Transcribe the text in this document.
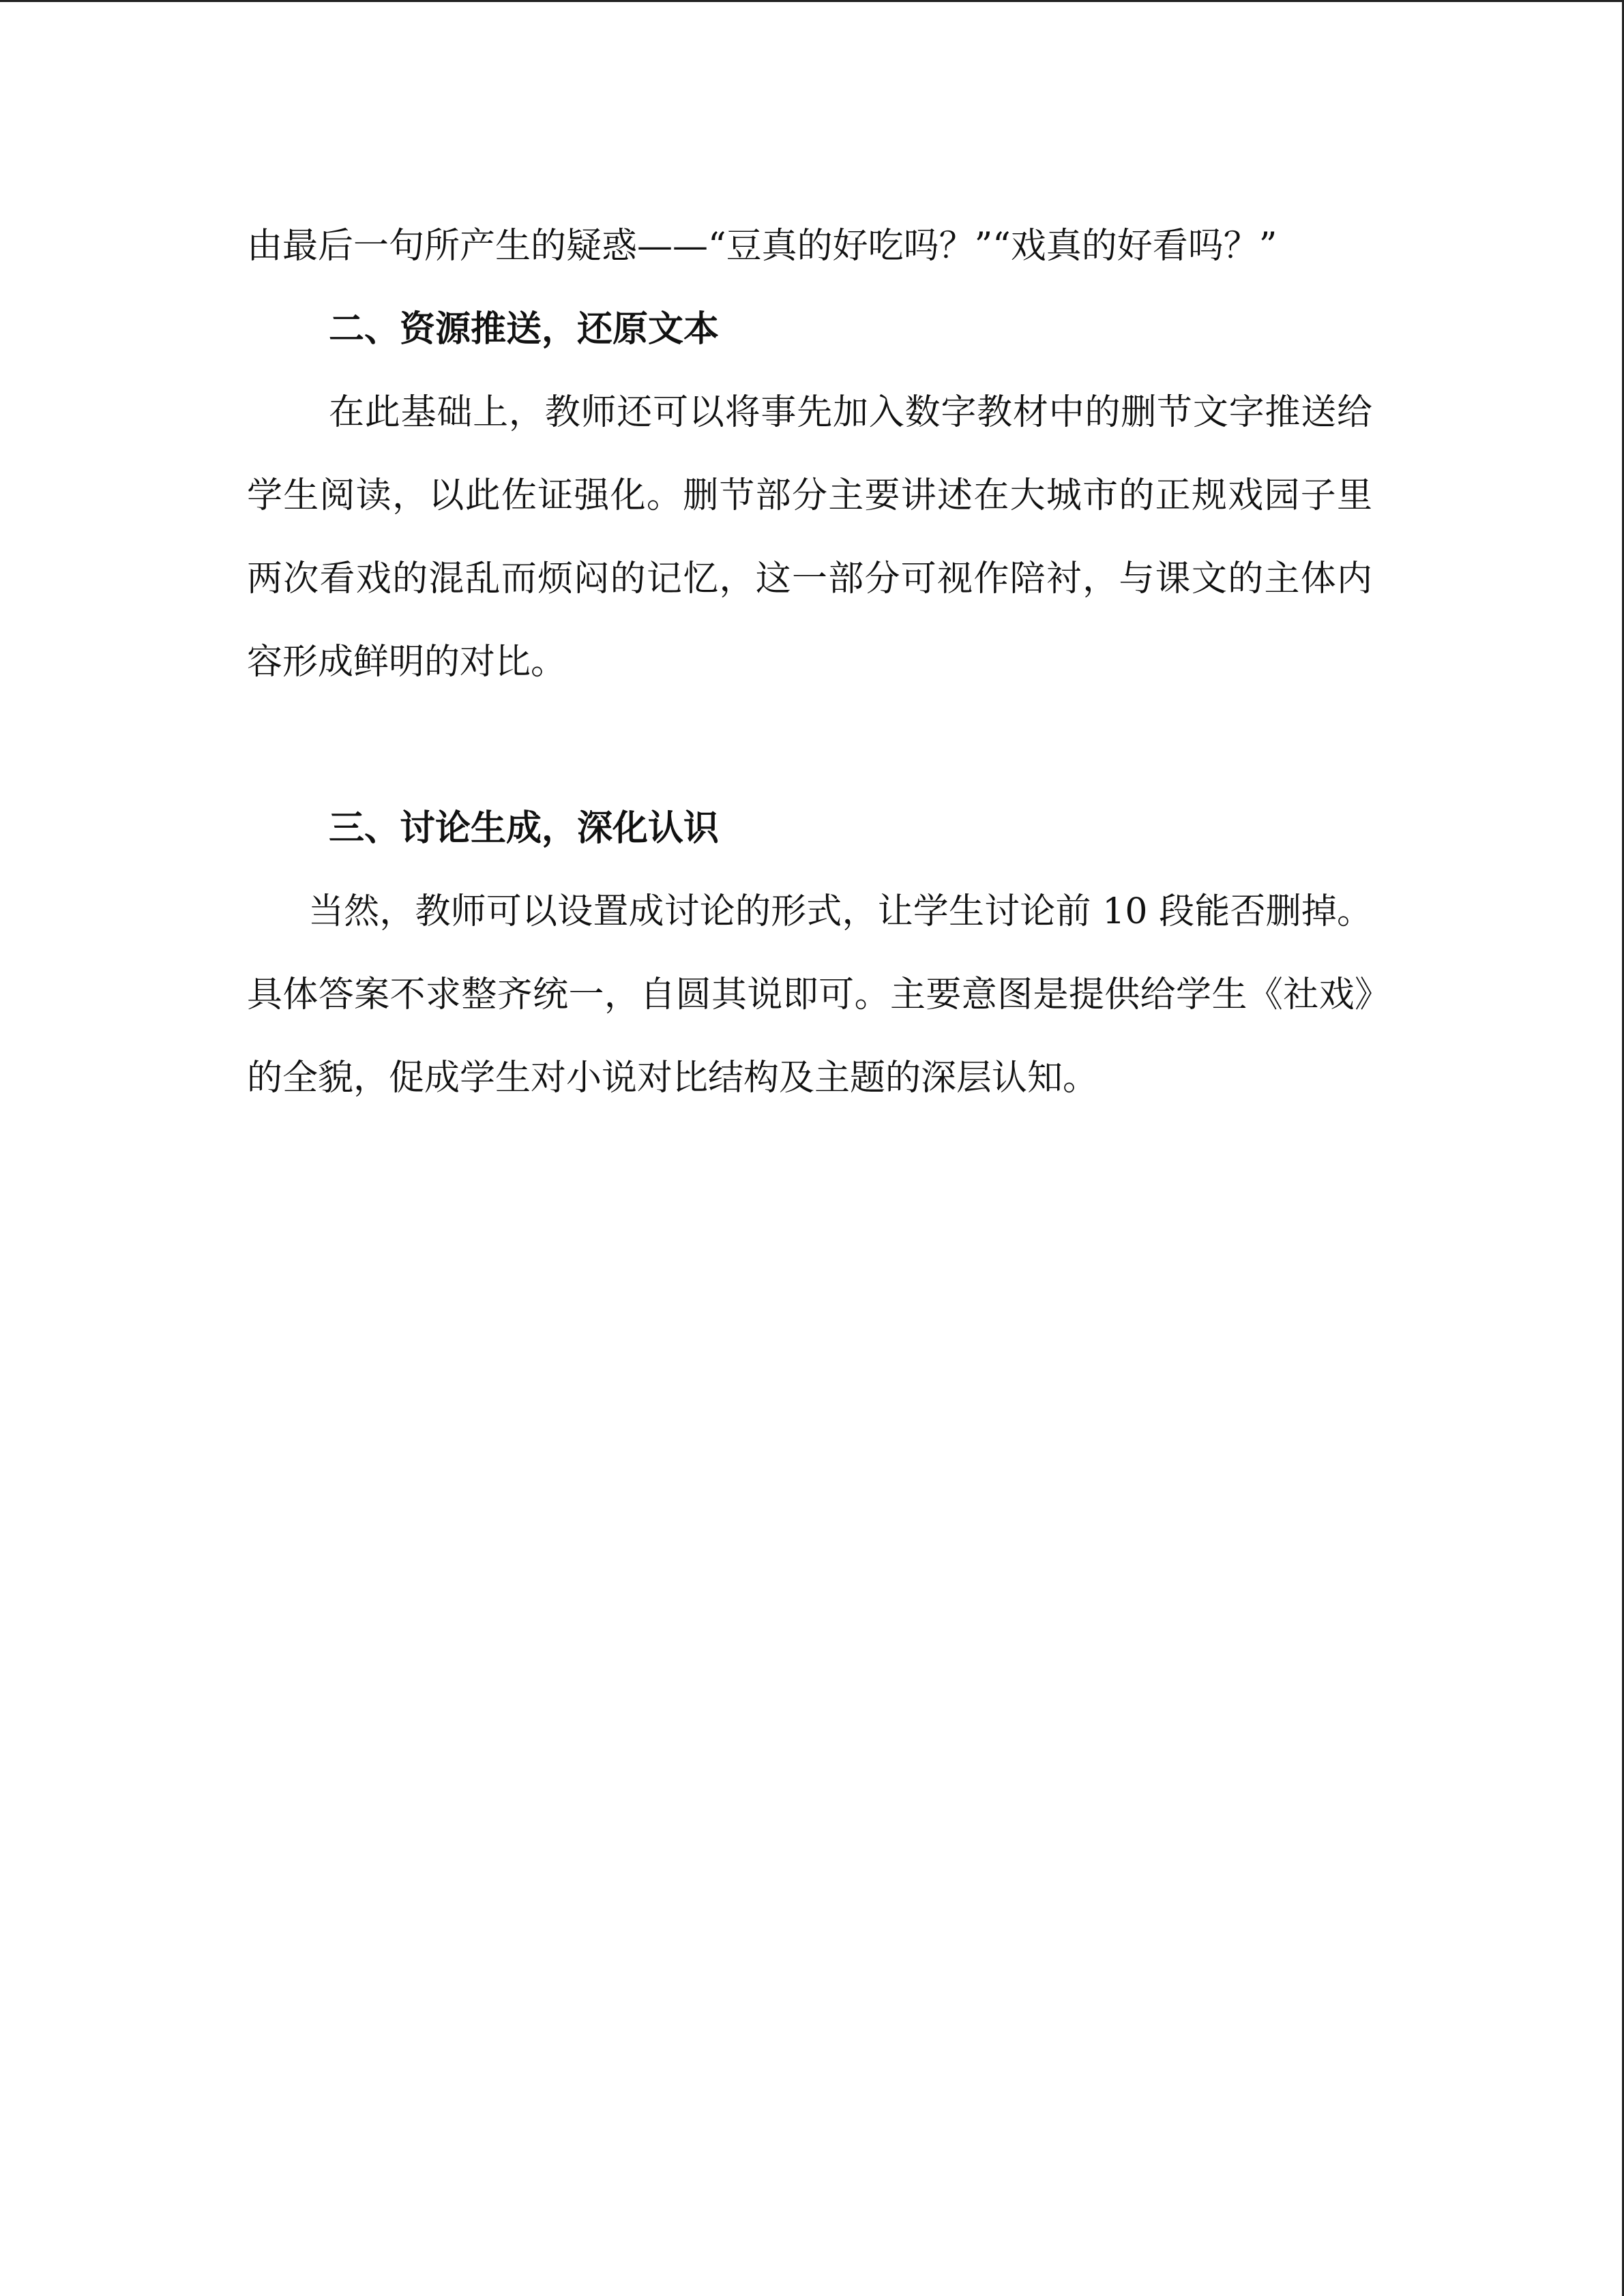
由最后一句所产生的疑惑——“豆真的好吃吗？”“戏真的好看吗？”

二、资源推送，还原文本

在此基础上，教师还可以将事先加入数字教材中的删节文字推送给学生阅读，以此佐证强化。删节部分主要讲述在大城市的正规戏园子里两次看戏的混乱而烦闷的记忆，这一部分可视作陪衬，与课文的主体内容形成鲜明的对比。

三、讨论生成，深化认识

当然，教师可以设置成讨论的形式，让学生讨论前 10 段能否删掉。具体答案不求整齐统一，自圆其说即可。主要意图是提供给学生《社戏》的全貌，促成学生对小说对比结构及主题的深层认知。
